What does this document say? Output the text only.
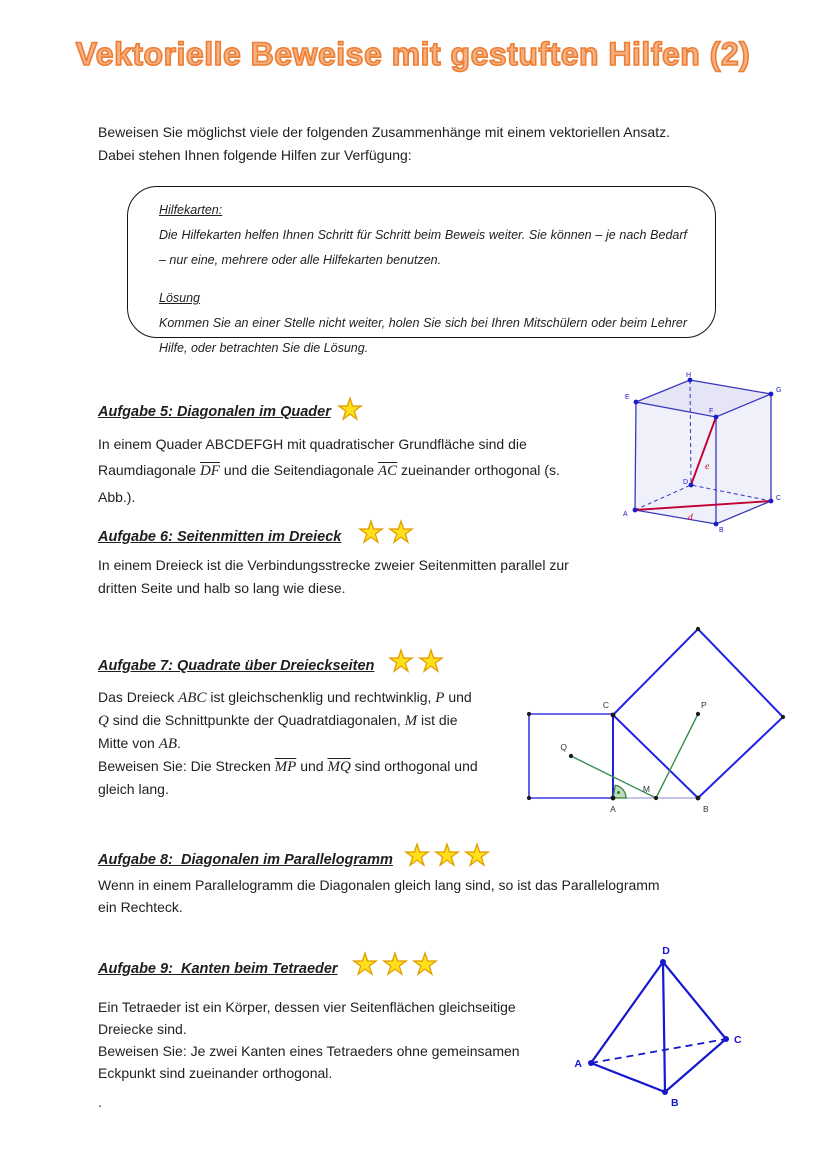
Vektorielle Beweise mit gestuften Hilfen (2)
Beweisen Sie möglichst viele der folgenden Zusammenhänge mit einem vektoriellen Ansatz.
Dabei stehen Ihnen folgende Hilfen zur Verfügung:
Hilfekarten:

Die Hilfekarten helfen Ihnen Schritt für Schritt beim Beweis weiter. Sie können – je nach Bedarf – nur eine, mehrere oder alle Hilfekarten benutzen.

Lösung

Kommen Sie an einer Stelle nicht weiter, holen Sie sich bei Ihren Mitschülern oder beim Lehrer Hilfe, oder betrachten Sie die Lösung.

Aufgabe 5: Diagonalen im Quader ★
In einem Quader ABCDEFGH mit quadratischer Grundfläche sind die
Raumdiagonale $\overline{DF}$ und die Seitendiagonale $\overline{AC}$ zueinander orthogonal (s. Abb.).
A
B
C
D
E
F
G
H
d
e
Aufgabe 6: Seitenmitten im Dreieck ★ ★
In einem Dreieck ist die Verbindungsstrecke zweier Seitenmitten parallel zur
dritten Seite und halb so lang wie diese.
Aufgabe 7: Quadrate über Dreieckseiten ★ ★
Das Dreieck ABC ist gleichschenklig und rechtwinklig, P und
Q sind die Schnittpunkte der Quadratdiagonalen, M ist die
Mitte von AB.
Beweisen Sie: Die Strecken $\overline{MP}$ und $\overline{MQ}$ sind orthogonal und
gleich lang.
C
A	B
M
P
Q
Aufgabe 8:  Diagonalen im Parallelogramm ★ ★ ★
Wenn in einem Parallelogramm die Diagonalen gleich lang sind, so ist das Parallelogramm
ein Rechteck.
Aufgabe 9:  Kanten beim Tetraeder ★ ★ ★
Ein Tetraeder ist ein Körper, dessen vier Seitenflächen gleichseitige
Dreiecke sind.
Beweisen Sie: Je zwei Kanten eines Tetraeders ohne gemeinsamen
Eckpunkt sind zueinander orthogonal.
D
A
B
C
.
